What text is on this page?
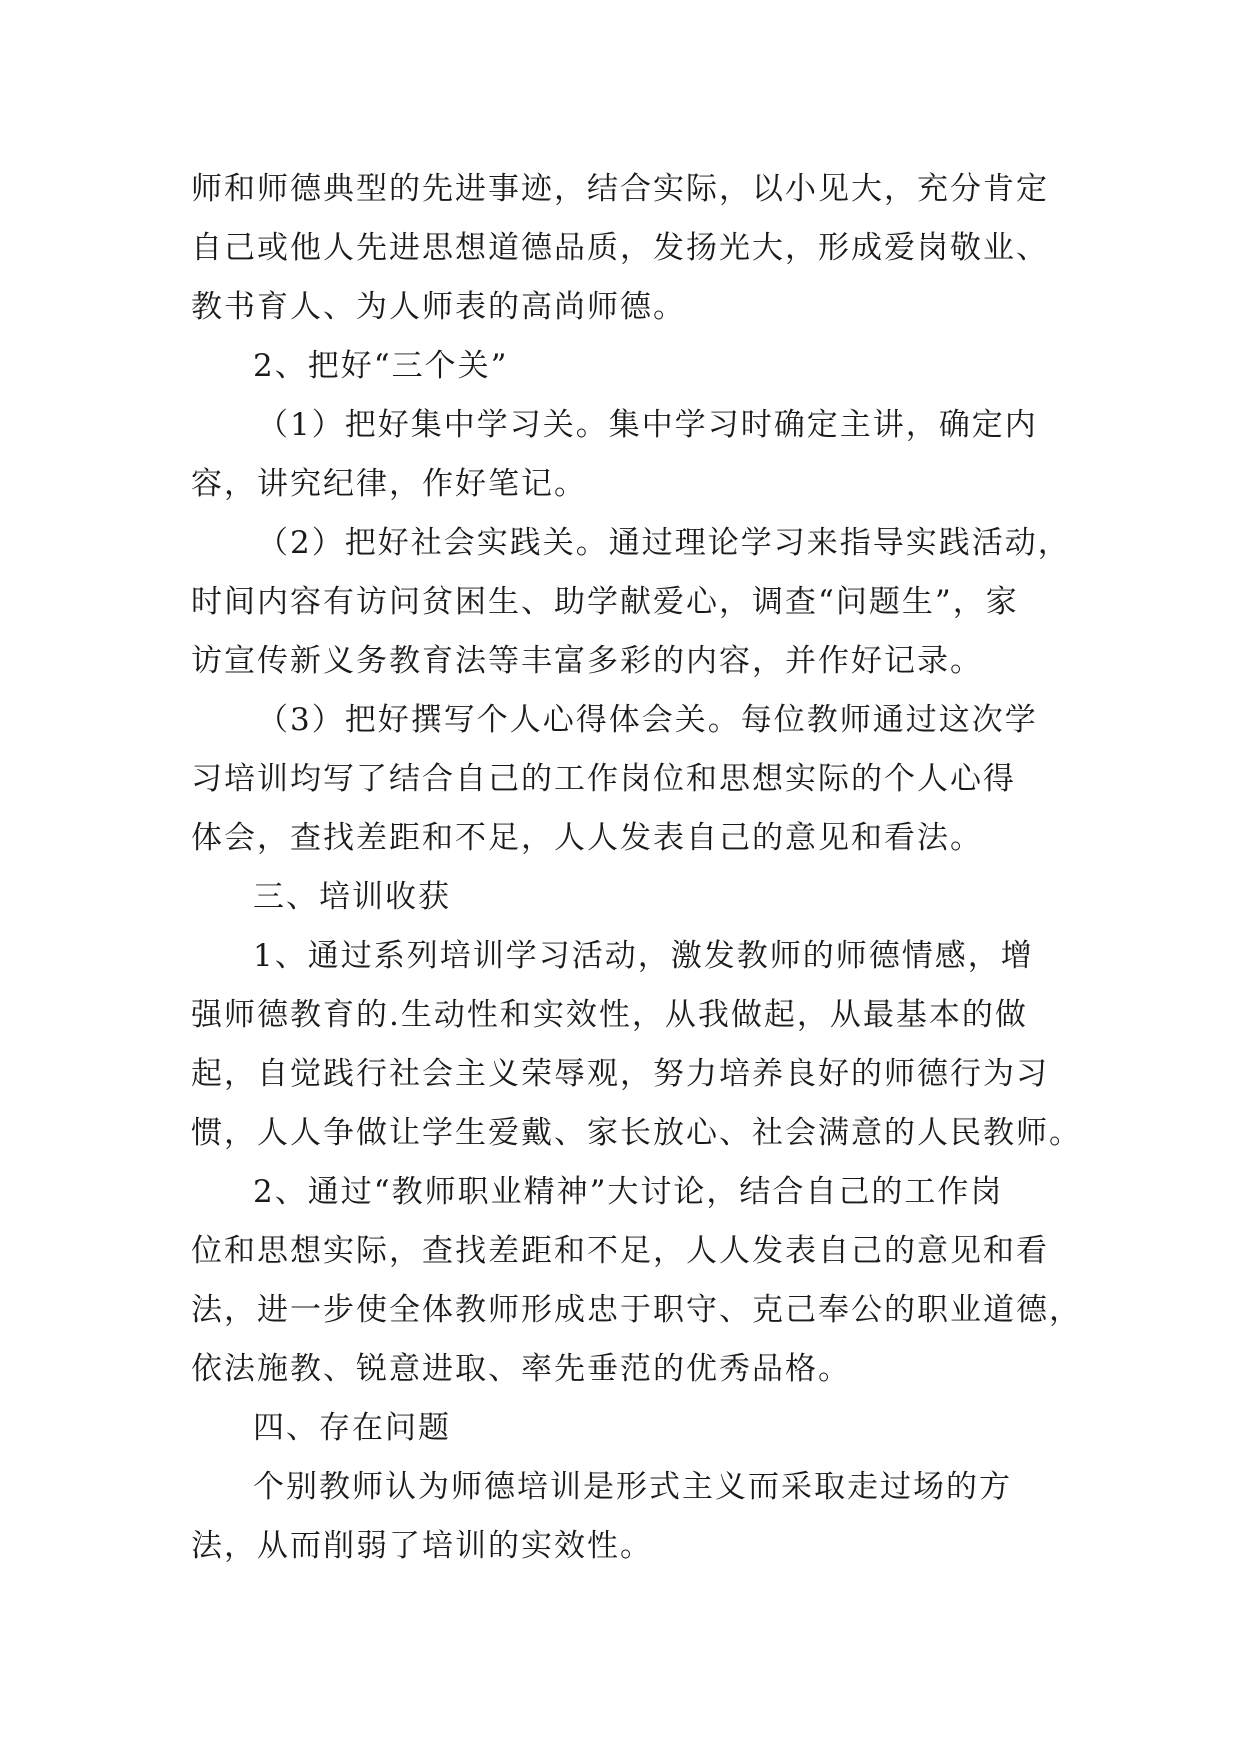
师和师德典型的先进事迹，结合实际，以小见大，充分肯定
自己或他人先进思想道德品质，发扬光大，形成爱岗敬业、
教书育人、为人师表的高尚师德。
2、把好“三个关”
（1）把好集中学习关。集中学习时确定主讲，确定内
容，讲究纪律，作好笔记。
（2）把好社会实践关。通过理论学习来指导实践活动，
时间内容有访问贫困生、助学献爱心，调查“问题生”，家
访宣传新义务教育法等丰富多彩的内容，并作好记录。
（3）把好撰写个人心得体会关。每位教师通过这次学
习培训均写了结合自己的工作岗位和思想实际的个人心得
体会，查找差距和不足，人人发表自己的意见和看法。
三、培训收获
1、通过系列培训学习活动，激发教师的师德情感，增
强师德教育的.生动性和实效性，从我做起，从最基本的做
起，自觉践行社会主义荣辱观，努力培养良好的师德行为习
惯，人人争做让学生爱戴、家长放心、社会满意的人民教师。
2、通过“教师职业精神”大讨论，结合自己的工作岗
位和思想实际，查找差距和不足，人人发表自己的意见和看
法，进一步使全体教师形成忠于职守、克己奉公的职业道德，
依法施教、锐意进取、率先垂范的优秀品格。
四、存在问题
个别教师认为师德培训是形式主义而采取走过场的方
法，从而削弱了培训的实效性。
